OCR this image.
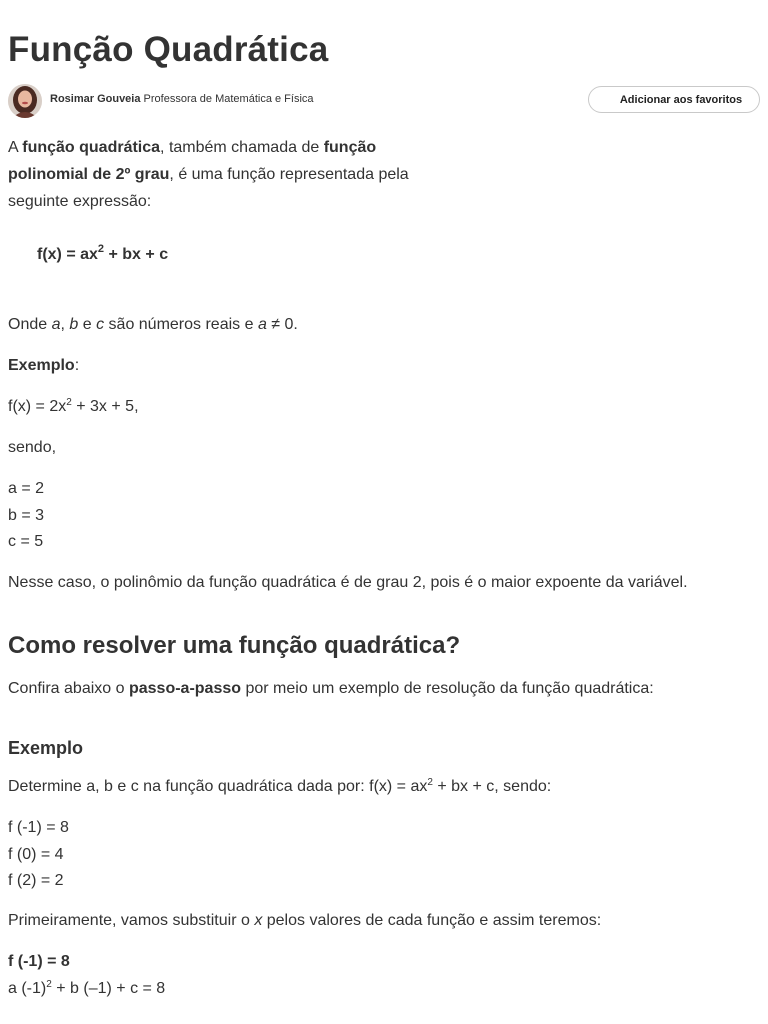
Função Quadrática
Rosimar Gouveia Professora de Matemática e Física	Adicionar aos favoritos

A função quadrática, também chamada de função polinomial de 2º grau, é uma função representada pela seguinte expressão:

$f(x) = ax^2$ + bx + c

Onde a, b e c são números reais e a ≠ 0.

Exemplo:

$f(x) = 2x^2 + 3x + 5$,

sendo,

a = 2

b = 3

c = 5

Nesse caso, o polinômio da função quadrática é de grau 2, pois é o maior expoente da variável.

Como resolver uma função quadrática?

Confira abaixo o passo-a-passo por meio um exemplo de resolução da função quadrática:

Exemplo

Determine a, b e c na função quadrática dada por: $f(x) = ax^2$ + bx + c, sendo:

f (-1) = 8

f (0) = 4

f (2) = 2

Primeiramente, vamos substituir o x pelos valores de cada função e assim teremos:

f (-1) = 8

a $(-1)^2 + b$ (–1) + c = 8
